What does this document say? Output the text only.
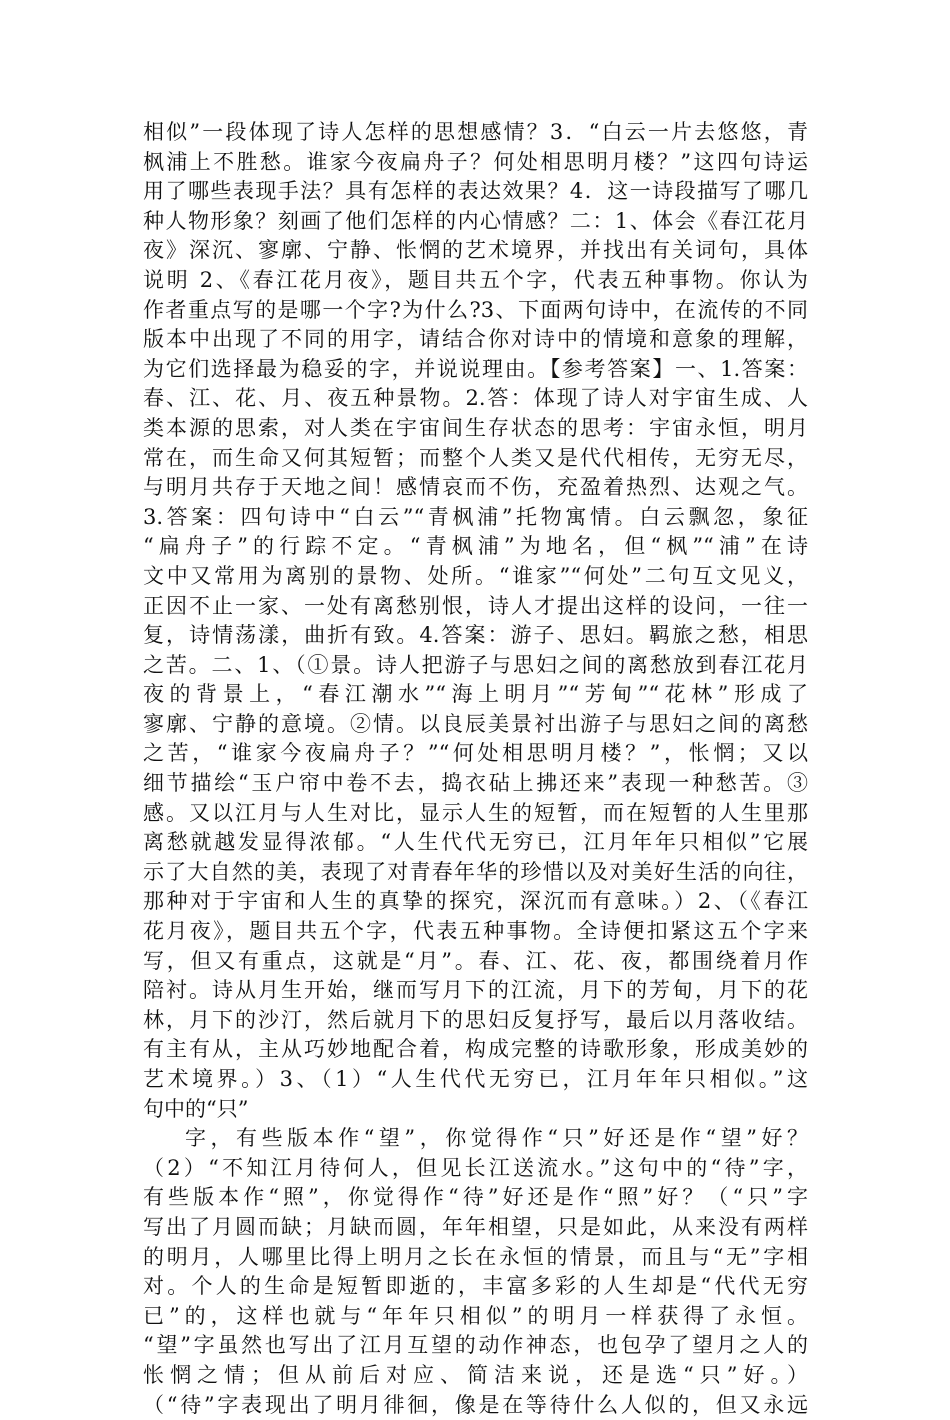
相似”一段体现了诗人怎样的思想感情？3．“白云一片去悠悠，青
枫浦上不胜愁。谁家今夜扁舟子？何处相思明月楼？”这四句诗运
用了哪些表现手法？具有怎样的表达效果？4．这一诗段描写了哪几
种人物形象？刻画了他们怎样的内心情感？二：1、体会《春江花月
夜》深沉、寥廓、宁静、怅惘的艺术境界，并找出有关词句，具体
说明 2、《春江花月夜》，题目共五个字，代表五种事物。你认为
作者重点写的是哪一个字?为什么?3、下面两句诗中，在流传的不同
版本中出现了不同的用字，请结合你对诗中的情境和意象的理解，
为它们选择最为稳妥的字，并说说理由。【参考答案】一、1.答案：
春、江、花、月、夜五种景物。2.答：体现了诗人对宇宙生成、人
类本源的思索，对人类在宇宙间生存状态的思考：宇宙永恒，明月
常在，而生命又何其短暂；而整个人类又是代代相传，无穷无尽，
与明月共存于天地之间！感情哀而不伤，充盈着热烈、达观之气。
3.答案：四句诗中“白云”“青枫浦”托物寓情。白云飘忽，象征
“扁舟子”的行踪不定。“青枫浦”为地名，但“枫”“浦”在诗
文中又常用为离别的景物、处所。“谁家”“何处”二句互文见义，
正因不止一家、一处有离愁别恨，诗人才提出这样的设问，一往一
复，诗情荡漾，曲折有致。4.答案：游子、思妇。羁旅之愁，相思
之苦。二、1、（①景。诗人把游子与思妇之间的离愁放到春江花月
夜的背景上，“春江潮水”“海上明月”“芳甸”“花林”形成了
寥廓、宁静的意境。②情。以良辰美景衬出游子与思妇之间的离愁
之苦，“谁家今夜扁舟子？”“何处相思明月楼？”，怅惘；又以
细节描绘“玉户帘中卷不去，捣衣砧上拂还来”表现一种愁苦。③
感。又以江月与人生对比，显示人生的短暂，而在短暂的人生里那
离愁就越发显得浓郁。“人生代代无穷已，江月年年只相似”它展
示了大自然的美，表现了对青春年华的珍惜以及对美好生活的向往，
那种对于宇宙和人生的真挚的探究，深沉而有意味。）2、（《春江
花月夜》，题目共五个字，代表五种事物。全诗便扣紧这五个字来
写，但又有重点，这就是“月”。春、江、花、夜，都围绕着月作
陪衬。诗从月生开始，继而写月下的江流，月下的芳甸，月下的花
林，月下的沙汀，然后就月下的思妇反复抒写，最后以月落收结。
有主有从，主从巧妙地配合着，构成完整的诗歌形象，形成美妙的
艺术境界。）3、（1）“人生代代无穷已，江月年年只相似。”这
句中的“只”
字，有些版本作“望”，你觉得作“只”好还是作“望”好？
（2）“不知江月待何人，但见长江送流水。”这句中的“待”字，
有些版本作“照”，你觉得作“待”好还是作“照”好？（“只”字
写出了月圆而缺；月缺而圆，年年相望，只是如此，从来没有两样
的明月，人哪里比得上明月之长在永恒的情景，而且与“无”字相
对。个人的生命是短暂即逝的，丰富多彩的人生却是“代代无穷
已”的，这样也就与“年年只相似”的明月一样获得了永恒。
“望”字虽然也写出了江月互望的动作神态，也包孕了望月之人的
怅惘之情；但从前后对应、简洁来说，还是选“只”好。）
（“待”字表现出了明月徘徊，像是在等待什么人似的，但又永远
